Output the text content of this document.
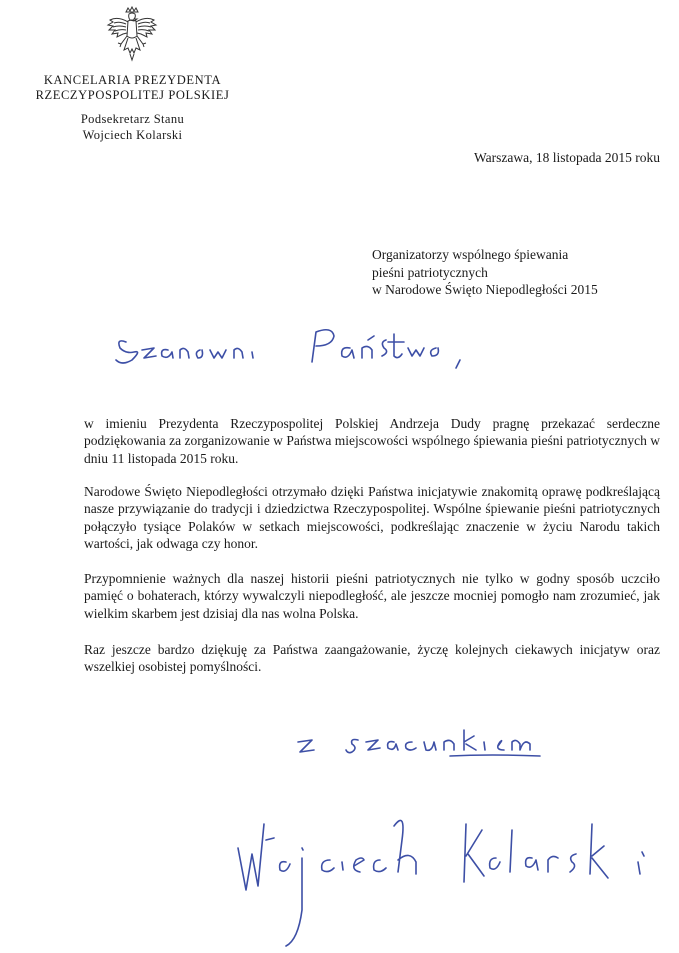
KANCELARIA PREZYDENTA
RZECZYPOSPOLITEJ POLSKIEJ
Podsekretarz Stanu
Wojciech Kolarski
Warszawa, 18 listopada 2015 roku
Organizatorzy wspólnego śpiewania
pieśni patriotycznych
w Narodowe Święto Niepodległości 2015

w imieniu Prezydenta Rzeczypospolitej Polskiej Andrzeja Dudy pragnę przekazać serdeczne podziękowania za zorganizowanie w Państwa miejscowości wspólnego śpiewania pieśni patriotycznych w dniu 11 listopada 2015 roku.

Narodowe Święto Niepodległości otrzymało dzięki Państwa inicjatywie znakomitą oprawę podkreślającą nasze przywiązanie do tradycji i dziedzictwa Rzeczypospolitej. Wspólne śpiewanie pieśni patriotycznych połączyło tysiące Polaków w setkach miejscowości, podkreślając znaczenie w życiu Narodu takich wartości, jak odwaga czy honor.

Przypomnienie ważnych dla naszej historii pieśni patriotycznych nie tylko w godny sposób uczciło pamięć o bohaterach, którzy wywalczyli niepodległość, ale jeszcze mocniej pomogło nam zrozumieć, jak wielkim skarbem jest dzisiaj dla nas wolna Polska.

Raz jeszcze bardzo dziękuję za Państwa zaangażowanie, życzę kolejnych ciekawych inicjatyw oraz wszelkiej osobistej pomyślności.
